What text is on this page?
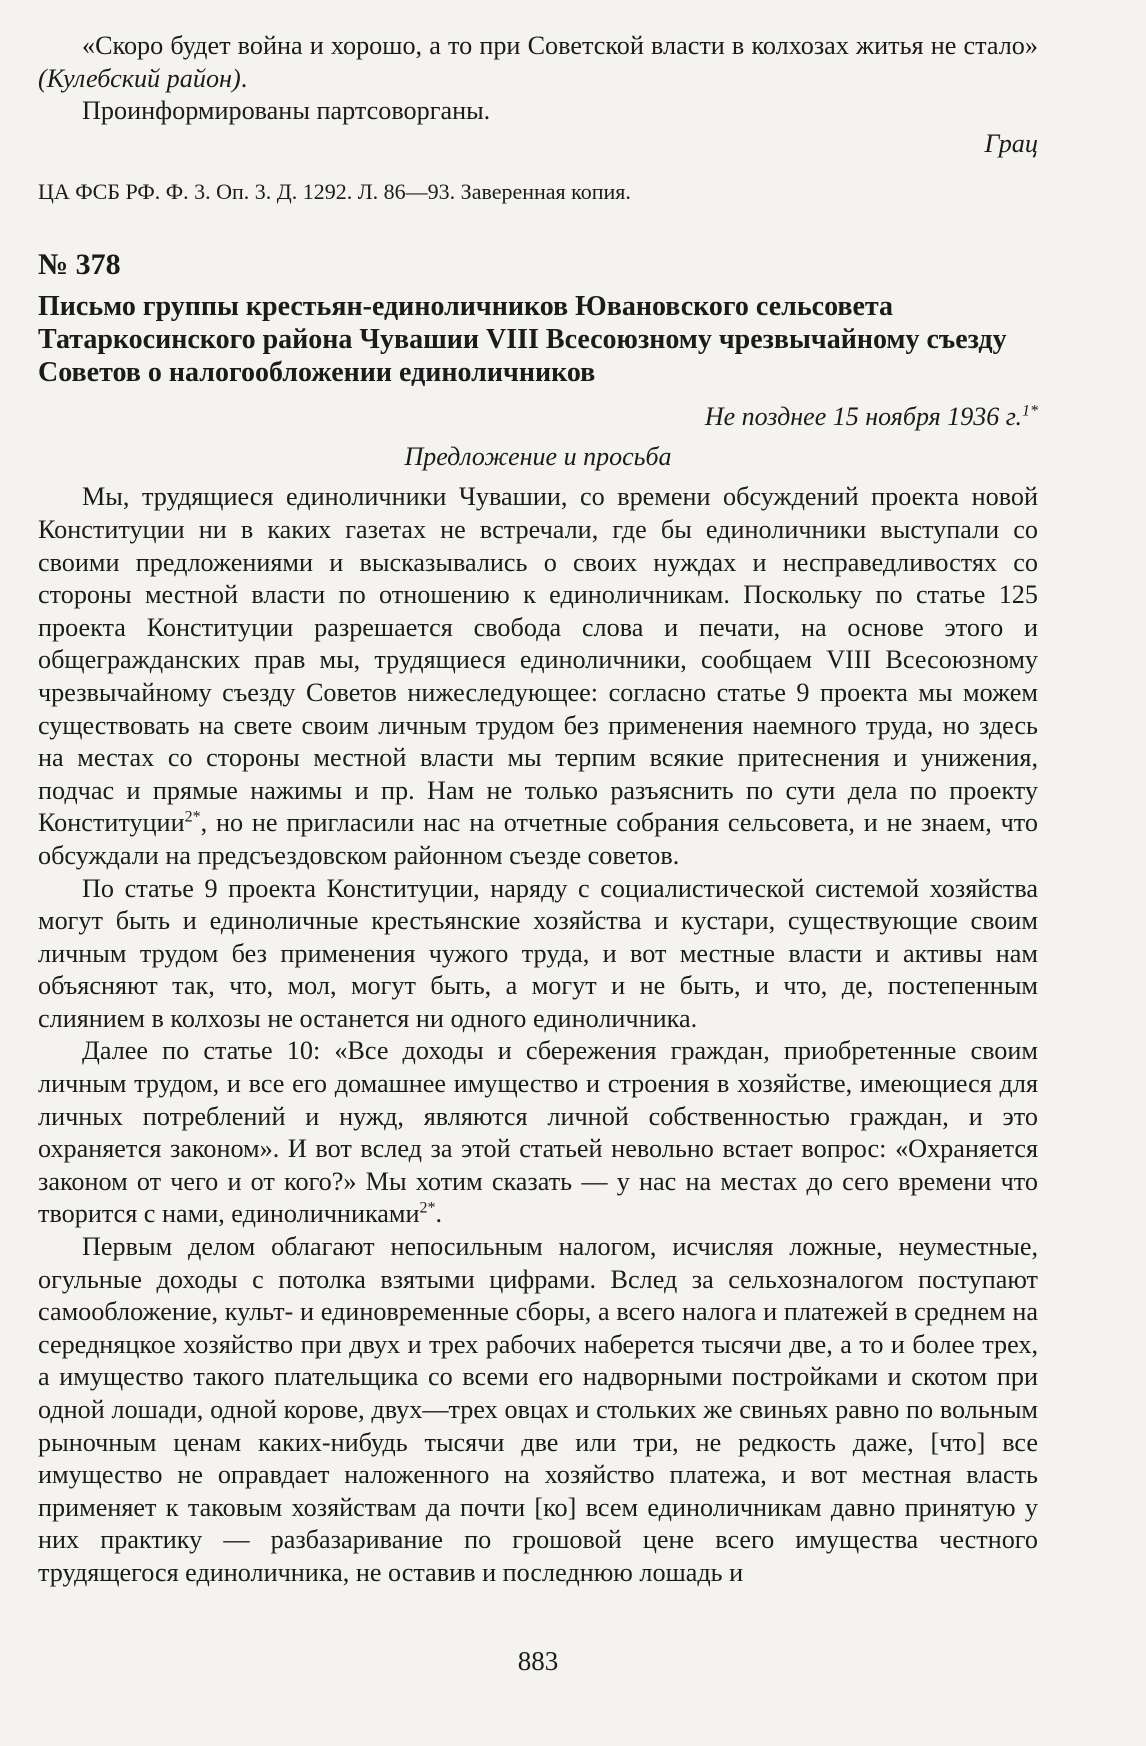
«Скоро будет война и хорошо, а то при Советской власти в колхозах житья не стало» (Кулебский район).

Проинформированы партсоворганы.

Грац

ЦА ФСБ РФ. Ф. 3. Оп. 3. Д. 1292. Л. 86—93. Заверенная копия.

№ 378

Письмо группы крестьян-единоличников Ювановского сельсовета Татаркосинского района Чувашии VIII Всесоюзному чрезвычайному съезду Советов о налогообложении единоличников

Не позднее 15 ноября 1936 г.$^{1*}$

Предложение и просьба

Мы, трудящиеся единоличники Чувашии, со времени обсуждений проекта новой Конституции ни в каких газетах не встречали, где бы единоличники выступали со своими предложениями и высказывались о своих нуждах и несправедливостях со стороны местной власти по отношению к единоличникам. Поскольку по статье 125 проекта Конституции разрешается свобода слова и печати, на основе этого и общегражданских прав мы, трудящиеся единоличники, сообщаем VIII Всесоюзному чрезвычайному съезду Советов нижеследующее: согласно статье 9 проекта мы можем существовать на свете своим личным трудом без применения наемного труда, но здесь на местах со стороны местной власти мы терпим всякие притеснения и унижения, подчас и прямые нажимы и пр. Нам не только разъяснить по сути дела по проекту Конституции$^{2*}$, но не пригласили нас на отчетные собрания сельсовета, и не знаем, что обсуждали на предсъездовском районном съезде советов.

По статье 9 проекта Конституции, наряду с социалистической системой хозяйства могут быть и единоличные крестьянские хозяйства и кустари, существующие своим личным трудом без применения чужого труда, и вот местные власти и активы нам объясняют так, что, мол, могут быть, а могут и не быть, и что, де, постепенным слиянием в колхозы не останется ни одного единоличника.

Далее по статье 10: «Все доходы и сбережения граждан, приобретенные своим личным трудом, и все его домашнее имущество и строения в хозяйстве, имеющиеся для личных потреблений и нужд, являются личной собственностью граждан, и это охраняется законом». И вот вслед за этой статьей невольно встает вопрос: «Охраняется законом от чего и от кого?» Мы хотим сказать — у нас на местах до сего времени что творится с нами, единоличниками$^{2*}$.

Первым делом облагают непосильным налогом, исчисляя ложные, неуместные, огульные доходы с потолка взятыми цифрами. Вслед за сельхозналогом поступают самообложение, культ- и единовременные сборы, а всего налога и платежей в среднем на середняцкое хозяйство при двух и трех рабочих наберется тысячи две, а то и более трех, а имущество такого плательщика со всеми его надворными постройками и скотом при одной лошади, одной корове, двух—трех овцах и стольких же свиньях равно по вольным рыночным ценам каких-нибудь тысячи две или три, не редкость даже, [что] все имущество не оправдает наложенного на хозяйство платежа, и вот местная власть применяет к таковым хозяйствам да почти [ко] всем единоличникам давно принятую у них практику — разбазаривание по грошовой цене всего имущества честного трудящегося единоличника, не оставив и последнюю лошадь и

883
